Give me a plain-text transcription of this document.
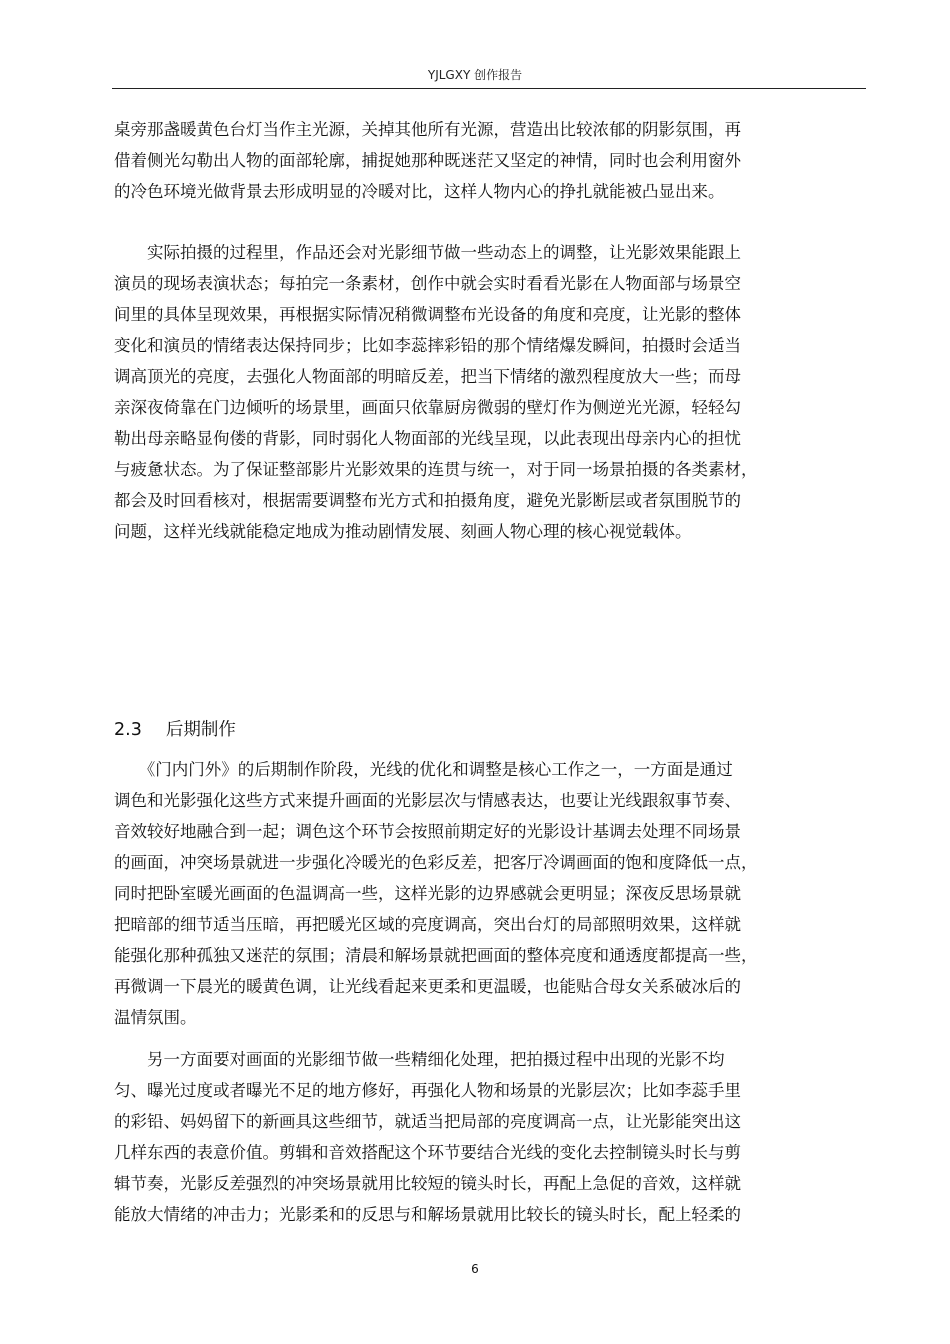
YJLGXY 创作报告

桌旁那盏暖黄色台灯当作主光源，关掉其他所有光源，营造出比较浓郁的阴影氛围，再
借着侧光勾勒出人物的面部轮廓，捕捉她那种既迷茫又坚定的神情，同时也会利用窗外
的冷色环境光做背景去形成明显的冷暖对比，这样人物内心的挣扎就能被凸显出来。

　　实际拍摄的过程里，作品还会对光影细节做一些动态上的调整，让光影效果能跟上
演员的现场表演状态；每拍完一条素材，创作中就会实时看看光影在人物面部与场景空
间里的具体呈现效果，再根据实际情况稍微调整布光设备的角度和亮度，让光影的整体
变化和演员的情绪表达保持同步；比如李蕊摔彩铅的那个情绪爆发瞬间，拍摄时会适当
调高顶光的亮度，去强化人物面部的明暗反差，把当下情绪的激烈程度放大一些；而母
亲深夜倚靠在门边倾听的场景里，画面只依靠厨房微弱的壁灯作为侧逆光光源，轻轻勾
勒出母亲略显佝偻的背影，同时弱化人物面部的光线呈现，以此表现出母亲内心的担忧
与疲惫状态。为了保证整部影片光影效果的连贯与统一，对于同一场景拍摄的各类素材，
都会及时回看核对，根据需要调整布光方式和拍摄角度，避免光影断层或者氛围脱节的
问题，这样光线就能稳定地成为推动剧情发展、刻画人物心理的核心视觉载体。

2.3 后期制作

　　《门内门外》的后期制作阶段，光线的优化和调整是核心工作之一，一方面是通过
调色和光影强化这些方式来提升画面的光影层次与情感表达，也要让光线跟叙事节奏、
音效较好地融合到一起；调色这个环节会按照前期定好的光影设计基调去处理不同场景
的画面，冲突场景就进一步强化冷暖光的色彩反差，把客厅冷调画面的饱和度降低一点，
同时把卧室暖光画面的色温调高一些，这样光影的边界感就会更明显；深夜反思场景就
把暗部的细节适当压暗，再把暖光区域的亮度调高，突出台灯的局部照明效果，这样就
能强化那种孤独又迷茫的氛围；清晨和解场景就把画面的整体亮度和通透度都提高一些，
再微调一下晨光的暖黄色调，让光线看起来更柔和更温暖，也能贴合母女关系破冰后的
温情氛围。

　　另一方面要对画面的光影细节做一些精细化处理，把拍摄过程中出现的光影不均
匀、曝光过度或者曝光不足的地方修好，再强化人物和场景的光影层次；比如李蕊手里
的彩铅、妈妈留下的新画具这些细节，就适当把局部的亮度调高一点，让光影能突出这
几样东西的表意价值。剪辑和音效搭配这个环节要结合光线的变化去控制镜头时长与剪
辑节奏，光影反差强烈的冲突场景就用比较短的镜头时长，再配上急促的音效，这样就
能放大情绪的冲击力；光影柔和的反思与和解场景就用比较长的镜头时长，配上轻柔的

6
